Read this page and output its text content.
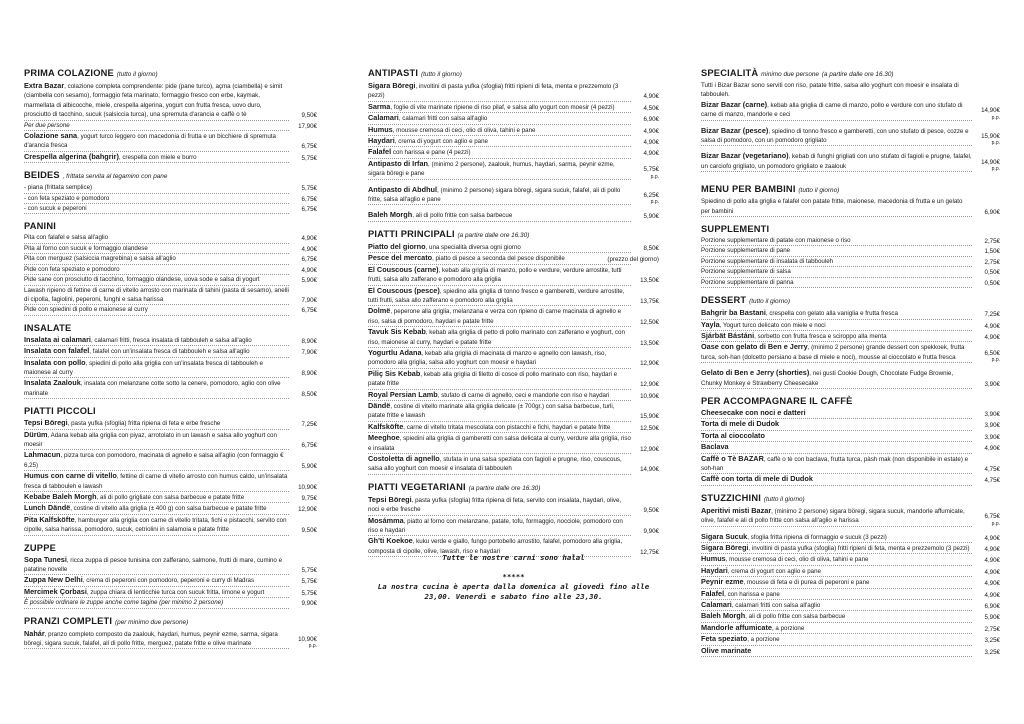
PRIMA COLAZIONE (tutto il giorno)
Extra Bazar, colazione completa comprendente: pide (pane turco), açma (ciambella) e simit (ciambella con sesamo), formaggio feta marinato, formaggio fresco con erbe, kaymak, marmellata di albicocche, miele, crespella algerina, yogurt con frutta fresca, uovo duro, prosciutto di tacchino, sucuk (salsiccia turca), una spremuta d'arancia e caffè o tè	9,50€
Per due persone	17,90€
Colazione sana, yogurt turco leggero con macedonia di frutta e un bicchiere di spremuta d'arancia fresca	6,75€
Crespella algerina (bahgrir), crespella con miele e burro	5,75€
BEIDES , frittata servita al tegamino con pane
- piana (frittata semplice)	5,75€
- con feta speziato e pomodoro	6,75€
- con sucuk e peperoni	6,75€
PANINI
Pita con falafel e salsa all'aglio	4,90€
Pita al forno con sucuk e formaggio olandese	4,90€
Pita con merguez (salsiccia magrebina) e salsa all'aglio	6,75€
Pide con feta speziato e pomodoro	4,90€
Pide sane con prosciutto di tacchino, formaggio olandese, uova sode e salsa di yogurt	5,90€
Lawash ripieno di fettine di carne di vitello arrosto con marinata di tahini (pasta di sesamo), anelli di cipolla, fagiolini, peperoni, funghi e salsa harissa	7,90€
Pide con spiedini di pollo e maionese al curry	6,75€
INSALATE
Insalata ai calamari, calamari fritti, fresca insalata di tabbouleh e salsa all'aglio	8,90€
Insalata con falafel, falafel con un'insalata fresca di tabbouleh e salsa all'aglio	7,90€
Insalata con pollo, spiedini di pollo alla griglia con un'insalata fresca di tabbouleh e maionese al curry	8,90€
Insalata Zaalouk, insalata con melanzane cotte sotto la cenere, pomodoro, aglio con olive marinate	8,50€
PIATTI PICCOLI
Tepsi Böregi, pasta yufka (sfoglia) fritta ripiena di feta e erbe fresche	7,25€
Dürüm, Adana kebab alla griglia con piyaz, arrotolato in un lawash e salsa allo yoghurt con moesir	6,75€
Lahmacun, pizza turca con pomodoro, macinata di agnello e salsa all'aglio (con formaggio € 6,25)	5,90€
Humus con carne di vitello, fettine di carne di vitello arrosto con humus caldo, un'insalata fresca di tabbouleh e lawash	10,90€
Kebabe Baleh Morgh, ali di pollo grigliate con salsa barbecue e patate fritte	9,75€
Lunch Dändë, costine di vitello alla griglia (± 400 g) con salsa barbecue e patate fritte	12,90€
Pita Kalfsköfte, hamburger alla griglia con carne di vitello tritata, fichi e pistacchi, servito con cipolle, salsa harissa, pomodoro, sucuk, cetriolini in salamoia e patate fritte	9,50€
ZUPPE
Sopa Tunesi, ricca zuppa di pesce tunisina con zafferano, salmone, frutti di mare, cumino e patatine novelle	5,75€
Zuppa New Delhi, crema di peperoni con pomodoro, peperoni e curry di Madras	5,75€
Mercimek Çorbasi, zuppa chiara di lenticchie turca con sucuk fritta, limone e yogurt	5,75€
È possibile ordinare le zuppe anche come tagine (per minimo 2 persone)	9,90€
PRANZI COMPLETI (per minimo due persone)
Nahár, pranzo completo composto da zaalouk, haydari, humus, peynir ezme, sarma, sigara böregi, sigara sucuk, falafel, ali di pollo fritte, merguez, patate fritte e olive marinate
10,90€
p.p.
ANTIPASTI (tutto il giorno)
Sigara Böregi, involtini di pasta yufka (sfoglia) fritti ripieni di feta, menta e prezzemolo (3 pezzi)	4,90€
Sarma, foglie di vite marinate ripiene di riso pilaf, e salsa allo yogurt con moesir (4 pezzi)	4,50€
Calamari, calamari fritti con salsa all'aglio	6,90€
Humus, mousse cremosa di ceci, olio di oliva, tahini e pane	4,90€
Haydari, crema di yogurt con aglio e pane	4,90€
Falafel con harissa e pane (4 pezzi)	4,90€
Antipasto di Irfan, (minimo 2 persone), zaalouk, humus, haydari, sarma, peynir ezme, sigara böregi e pane
5,75€
p.p.
Antipasto di Abdhul, (minimo 2 persone) sigara böregi, sigara sucuk, falafel, ali di pollo fritte, salsa all'aglio e pane
6,25€
p.p.
Baleh Morgh, ali di pollo fritte con salsa barbecue	5,90€
PIATTI PRINCIPALI (a partire dalle ore 16.30)
Piatto del giorno, una specialità diversa ogni giorno	8,50€
Pesce del mercato, piatto di pesce a seconda del pesce disponibile	(prezzo del giorno)
El Couscous (carne), kebab alla griglia di manzo, pollo e verdure, verdure arrostite, tutti frutti, salsa allo zafferano e pomodoro alla griglia	13,50€
El Couscous (pesce), spiedino alla griglia di tonno fresco e gamberetti, verdure arrostite, tutti frutti, salsa allo zafferano e pomodoro alla griglia	13,75€
Dolmë, peperone alla griglia, melanzana e verza con ripieno di carne macinata di agnello e riso, salsa di pomodoro, haydari e patate fritte	12,50€
Tavuk Sis Kebab, kebab alla griglia di petto di pollo marinato con zafferano e yoghurt, con riso, maionese al curry, haydari e patate fritte	13,50€
Yogurtlu Adana, kebab alla griglia di macinata di manzo e agnello con lawash, riso, pomodoro alla griglia, salsa allo yoghurt con moesir e haydari	12,90€
Piliç Sis Kebab, kebab alla griglia di filetto di cosce di pollo marinato con riso, haydari e patate fritte	12,90€
Royal Persian Lamb, stufato di carne di agnello, ceci e mandorle con riso e haydari	10,90€
Dändë, costine di vitello marinate alla griglia delicate (± 700gr.) con salsa barbecue, turli, patate fritte e lawash	15,90€
Kalfsköfte, carne di vitello tritata mescolata con pistacchi e fichi, haydari e patate fritte	12,50€
Meeghoe, spiedini alla griglia di gamberetti con salsa delicata al curry, verdure alla griglia, riso e insalata	12,90€
Costoletta di agnello, stufata in una salsa speziata con fagioli e prugne, riso, couscous, salsa allo yoghurt con moesir e insalata di tabbouleh	14,90€
PIATTI VEGETARIANI (a partire dalle ore 16.30)
Tepsi Böregi, pasta yufka (sfoglia) fritta ripiena di feta, servito con insalata, haydari, olive, noci e erbe fresche	9,50€
Mosámma, piatto al forno con melanzane, patate, tofu, formaggio, nocciole, pomodoro con riso e haydari	9,90€
Gh'ti Koekoe, kuku verde e giallo, fungo portobello arrostito, falafel, pomodoro alla griglia, composta di cipolle, olive, lawash, riso e haydari	12,75€
SPECIALITÀ minimo due persone (a partire dalle ore 16.30)
Tutti i Bizar Bazar sono serviti con riso, patate fritte, salsa allo yoghurt con moesir e insalata di tabbouleh.
Bizar Bazar (carne), kebab alla griglia di carne di manzo, pollo e verdure con uno stufato di carne di manzo, mandorle e ceci
14,90€
p.p.
Bizar Bazar (pesce), spiedino di tonno fresco e gamberetti, con uno stufato di pesce, cozze e salsa di pomodoro, con un pomodoro grigliato
15,90€
p.p.
Bizar Bazar (vegetariano), kebab di funghi grigliati con uno stufato di fagioli e prugne, falafel, un carciofo grigliato, un pomodoro grigliato e zaalouk
14,90€
p.p.
MENU PER BAMBINI (tutto il giorno)
Spiedino di pollo alla griglia e falafel con patate fritte, maionese, macedonia di frutta e un gelato per bambini	6,90€
SUPPLEMENTI
Porzione supplementare di patate con maionese o riso	2,75€
Porzione supplementare di pane	1,50€
Porzione supplementare di insalata di tabbouleh	2,75€
Porzione supplementare di salsa	0,50€
Porzione supplementare di panna	0,50€
DESSERT (tutto il giorno)
Bahgrir ba Bastani, crespella con gelato alla vaniglia e frutta fresca	7,25€
Yayla, Yogurt turco delicato con miele e noci	4,90€
Sjárbät Bástáni, sorbetto con frutta fresca e sciroppo alla menta	4,90€
Oase con gelato di Ben e Jerry, (minimo 2 persone) grande dessert con spekkoek, frutta turca, soh-han (dolcetto persiano a base di miele e noci), mousse al cioccolato e frutta fresca
6,50€
p.p.
Gelato di Ben e Jerry (shorties), nei gusti Cookie Dough, Chocolate Fudge Brownie, Chunky Monkey e Strawberry Cheesecake	3,90€
PER ACCOMPAGNARE IL CAFFÈ
Cheesecake con noci e datteri	3,90€
Torta di mele di Dudok	3,90€
Torta al cioccolato	3,90€
Baclava	4,90€
Caffè o Tè BAZAR, caffè o tè con baclava, frutta turca, pàsh mak (non disponibile in estate) e soh-han	4,75€
Caffè con torta di mele di Dudok	4,75€
STUZZICHINI (tutto il giorno)
Aperitivi misti Bazar, (minimo 2 persone) sigara böregi, sigara sucuk, mandorle affumicate, olive, falafel e ali di pollo fritte con salsa all'aglio e harissa
6,75€
p.p.
Sigara Sucuk, sfoglia fritta ripiena di formaggio e sucuk (3 pezzi)	4,90€
Sigara Böregi, involtini di pasta yufka (sfoglia) fritti ripieni di feta, menta e prezzemolo (3 pezzi)	4,90€
Humus, mousse cremosa di ceci, olio di oliva, tahini e pane	4,90€
Haydari, crema di yogurt con aglio e pane	4,90€
Peynir ezme, mousse di feta e di purea di peperoni e pane	4,90€
Falafel, con harissa e pane	4,90€
Calamari, calamari fritti con salsa all'aglio	6,90€
Baleh Morgh, ali di pollo fritte con salsa barbecue	5,90€
Mandorle affumicate, a porzione	2,75€
Feta speziato, a porzione	3,25€
Olive marinate	3,25€
Tutte le nostre carni sono halal
*****
La nostra cucina è aperta dalla domenica al giovedì fino alle 23,00. Venerdì e sabato fino alle 23,30.
